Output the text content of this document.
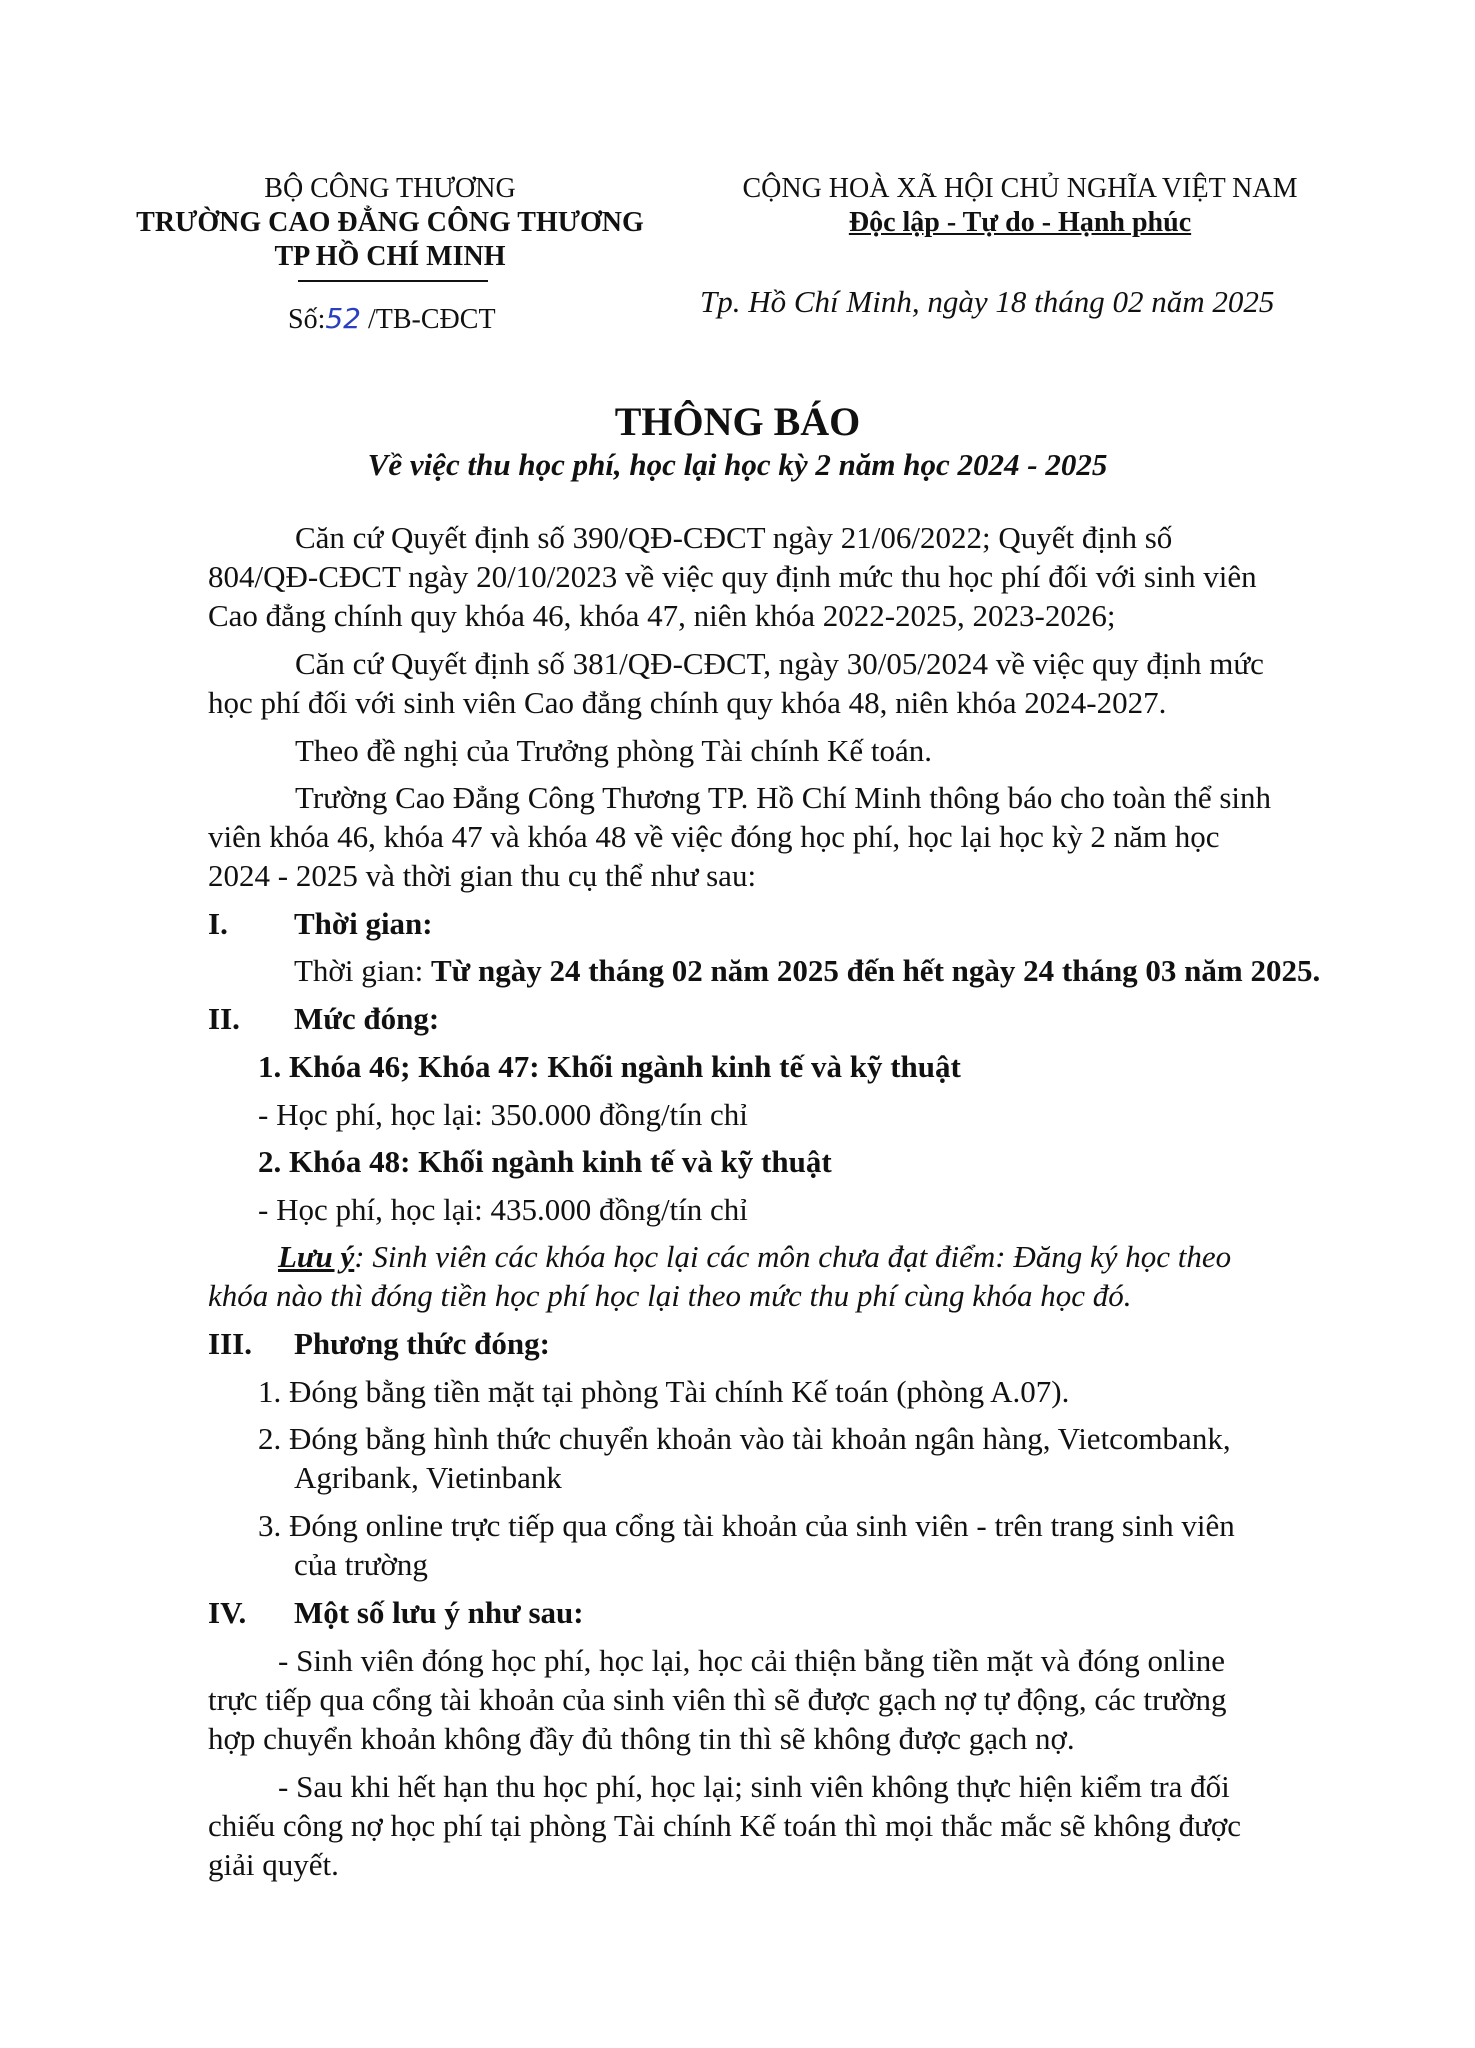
BỘ CÔNG THƯƠNG
TRƯỜNG CAO ĐẲNG CÔNG THƯƠNG
TP HỒ CHÍ MINH
Số:52 /TB-CĐCT
CỘNG HOÀ XÃ HỘI CHỦ NGHĨA VIỆT NAM
Độc lập - Tự do - Hạnh phúc
Tp. Hồ Chí Minh, ngày 18 tháng 02 năm 2025
THÔNG BÁO
Về việc thu học phí, học lại học kỳ 2 năm học 2024 - 2025
Căn cứ Quyết định số 390/QĐ-CĐCT ngày 21/06/2022; Quyết định số
804/QĐ-CĐCT ngày 20/10/2023 về việc quy định mức thu học phí đối với sinh viên
Cao đẳng chính quy khóa 46, khóa 47, niên khóa 2022-2025, 2023-2026;
Căn cứ Quyết định số 381/QĐ-CĐCT, ngày 30/05/2024 về việc quy định mức
học phí đối với sinh viên Cao đẳng chính quy khóa 48, niên khóa 2024-2027.
Theo đề nghị của Trưởng phòng Tài chính Kế toán.
Trường Cao Đẳng Công Thương TP. Hồ Chí Minh thông báo cho toàn thể sinh
viên khóa 46, khóa 47 và khóa 48 về việc đóng học phí, học lại học kỳ 2 năm học
2024 - 2025 và thời gian thu cụ thể như sau:
I. Thời gian:
Thời gian: Từ ngày 24 tháng 02 năm 2025 đến hết ngày 24 tháng 03 năm 2025.
II. Mức đóng:
1. Khóa 46; Khóa 47: Khối ngành kinh tế và kỹ thuật
- Học phí, học lại: 350.000 đồng/tín chỉ
2. Khóa 48: Khối ngành kinh tế và kỹ thuật
- Học phí, học lại: 435.000 đồng/tín chỉ
Lưu ý: Sinh viên các khóa học lại các môn chưa đạt điểm: Đăng ký học theo
khóa nào thì đóng tiền học phí học lại theo mức thu phí cùng khóa học đó.
III. Phương thức đóng:
1. Đóng bằng tiền mặt tại phòng Tài chính Kế toán (phòng A.07).
2. Đóng bằng hình thức chuyển khoản vào tài khoản ngân hàng, Vietcombank,
Agribank, Vietinbank
3. Đóng online trực tiếp qua cổng tài khoản của sinh viên - trên trang sinh viên
của trường
IV. Một số lưu ý như sau:
- Sinh viên đóng học phí, học lại, học cải thiện bằng tiền mặt và đóng online
trực tiếp qua cổng tài khoản của sinh viên thì sẽ được gạch nợ tự động, các trường
hợp chuyển khoản không đầy đủ thông tin thì sẽ không được gạch nợ.
- Sau khi hết hạn thu học phí, học lại; sinh viên không thực hiện kiểm tra đối
chiếu công nợ học phí tại phòng Tài chính Kế toán thì mọi thắc mắc sẽ không được
giải quyết.
